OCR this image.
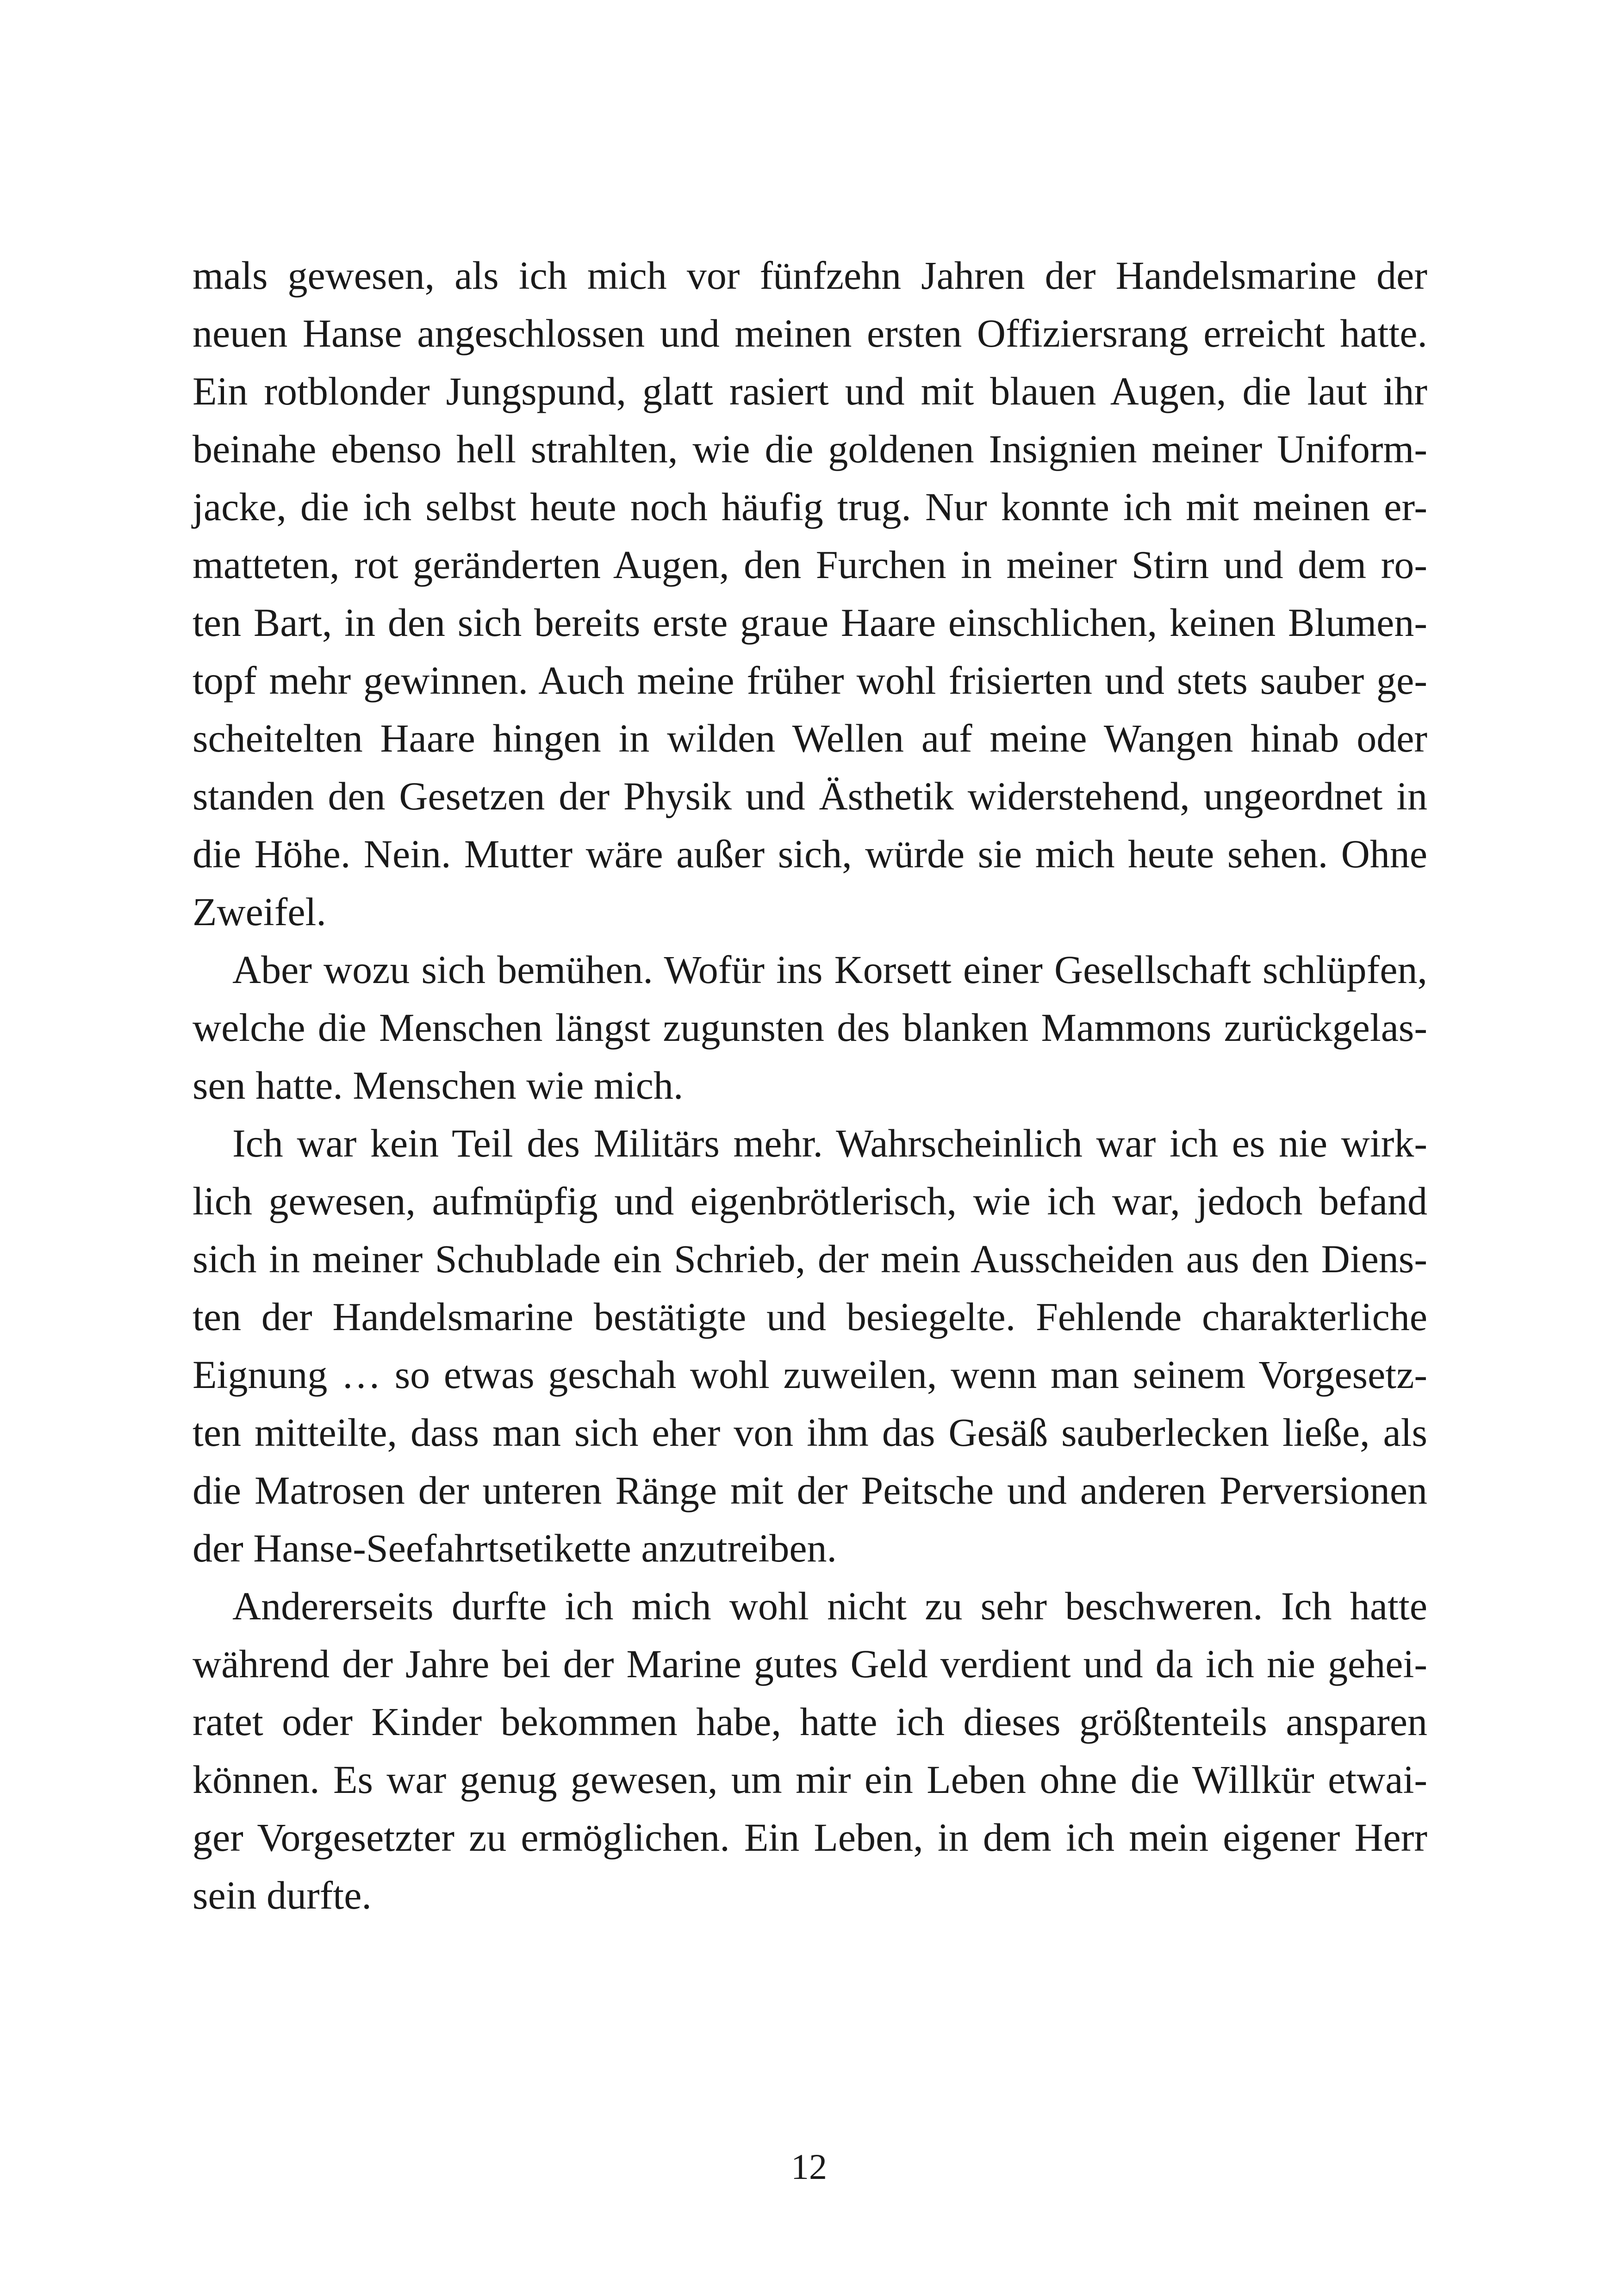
mals gewesen, als ich mich vor fünfzehn Jahren der Handelsmarine der
neuen Hanse angeschlossen und meinen ersten Offiziersrang erreicht hatte.
Ein rotblonder Jungspund, glatt rasiert und mit blauen Augen, die laut ihr
beinahe ebenso hell strahlten, wie die goldenen Insignien meiner Uniform-
jacke, die ich selbst heute noch häufig trug. Nur konnte ich mit meinen er-
matteten, rot geränderten Augen, den Furchen in meiner Stirn und dem ro-
ten Bart, in den sich bereits erste graue Haare einschlichen, keinen Blumen-
topf mehr gewinnen. Auch meine früher wohl frisierten und stets sauber ge-
scheitelten Haare hingen in wilden Wellen auf meine Wangen hinab oder
standen den Gesetzen der Physik und Ästhetik widerstehend, ungeordnet in
die Höhe. Nein. Mutter wäre außer sich, würde sie mich heute sehen. Ohne
Zweifel.
Aber wozu sich bemühen. Wofür ins Korsett einer Gesellschaft schlüpfen,
welche die Menschen längst zugunsten des blanken Mammons zurückgelas-
sen hatte. Menschen wie mich.
Ich war kein Teil des Militärs mehr. Wahrscheinlich war ich es nie wirk-
lich gewesen, aufmüpfig und eigenbrötlerisch, wie ich war, jedoch befand
sich in meiner Schublade ein Schrieb, der mein Ausscheiden aus den Diens-
ten der Handelsmarine bestätigte und besiegelte. Fehlende charakterliche
Eignung … so etwas geschah wohl zuweilen, wenn man seinem Vorgesetz-
ten mitteilte, dass man sich eher von ihm das Gesäß sauberlecken ließe, als
die Matrosen der unteren Ränge mit der Peitsche und anderen Perversionen
der Hanse-Seefahrtsetikette anzutreiben.
Andererseits durfte ich mich wohl nicht zu sehr beschweren. Ich hatte
während der Jahre bei der Marine gutes Geld verdient und da ich nie gehei-
ratet oder Kinder bekommen habe, hatte ich dieses größtenteils ansparen
können. Es war genug gewesen, um mir ein Leben ohne die Willkür etwai-
ger Vorgesetzter zu ermöglichen. Ein Leben, in dem ich mein eigener Herr
sein durfte.
12
